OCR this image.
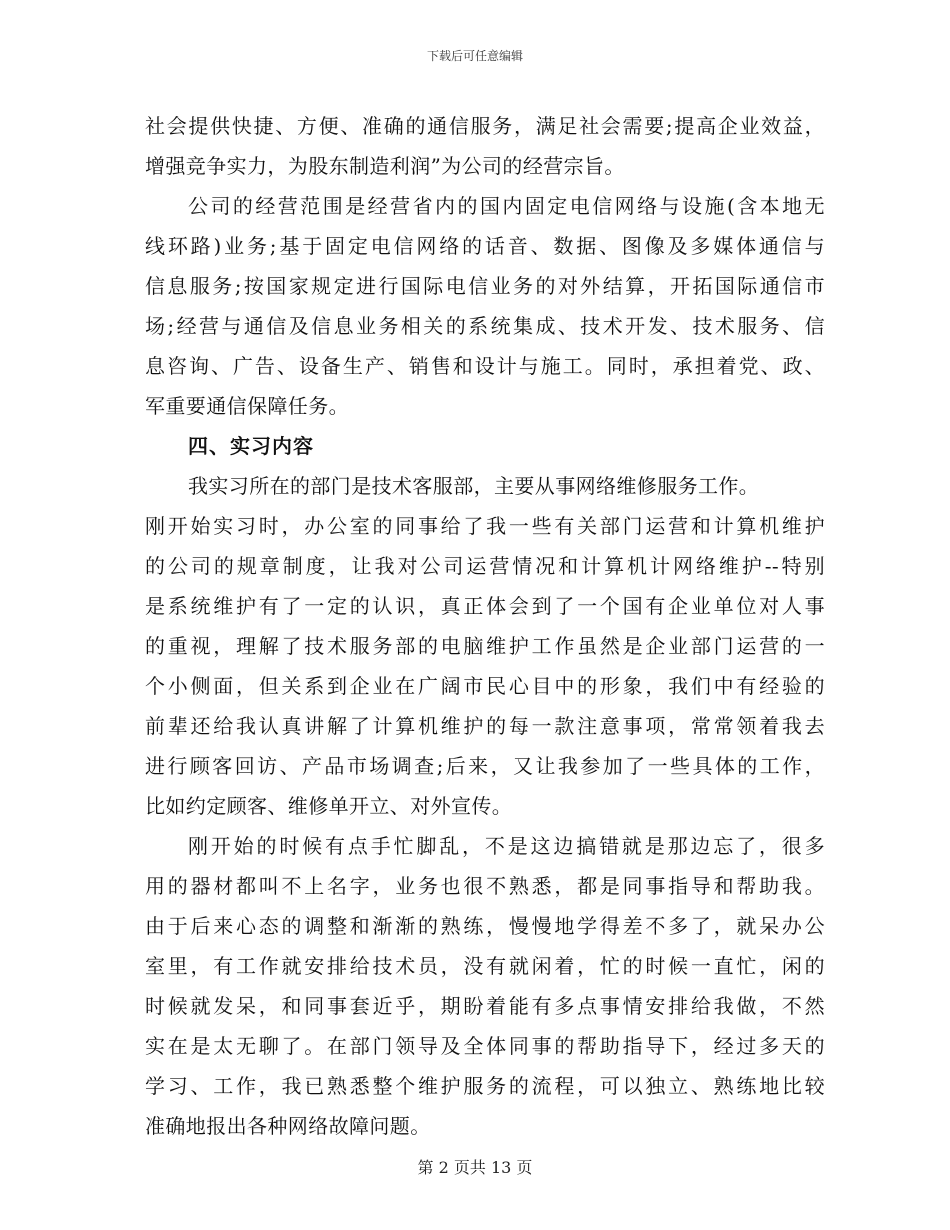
下载后可任意编辑
社会提供快捷、方便、准确的通信服务，满足社会需要;提高企业效益，
增强竞争实力，为股东制造利润”为公司的经营宗旨。
公司的经营范围是经营省内的国内固定电信网络与设施(含本地无
线环路)业务;基于固定电信网络的话音、数据、图像及多媒体通信与
信息服务;按国家规定进行国际电信业务的对外结算，开拓国际通信市
场;经营与通信及信息业务相关的系统集成、技术开发、技术服务、信
息咨询、广告、设备生产、销售和设计与施工。同时，承担着党、政、
军重要通信保障任务。
四、实习内容
我实习所在的部门是技术客服部，主要从事网络维修服务工作。
刚开始实习时，办公室的同事给了我一些有关部门运营和计算机维护
的公司的规章制度，让我对公司运营情况和计算机计网络维护--特别
是系统维护有了一定的认识，真正体会到了一个国有企业单位对人事
的重视，理解了技术服务部的电脑维护工作虽然是企业部门运营的一
个小侧面，但关系到企业在广阔市民心目中的形象，我们中有经验的
前辈还给我认真讲解了计算机维护的每一款注意事项，常常领着我去
进行顾客回访、产品市场调查;后来，又让我参加了一些具体的工作，
比如约定顾客、维修单开立、对外宣传。
刚开始的时候有点手忙脚乱，不是这边搞错就是那边忘了，很多
用的器材都叫不上名字，业务也很不熟悉，都是同事指导和帮助我。
由于后来心态的调整和渐渐的熟练，慢慢地学得差不多了，就呆办公
室里，有工作就安排给技术员，没有就闲着，忙的时候一直忙，闲的
时候就发呆，和同事套近乎，期盼着能有多点事情安排给我做，不然
实在是太无聊了。在部门领导及全体同事的帮助指导下，经过多天的
学习、工作，我已熟悉整个维护服务的流程，可以独立、熟练地比较
准确地报出各种网络故障问题。
第 2 页共 13 页
